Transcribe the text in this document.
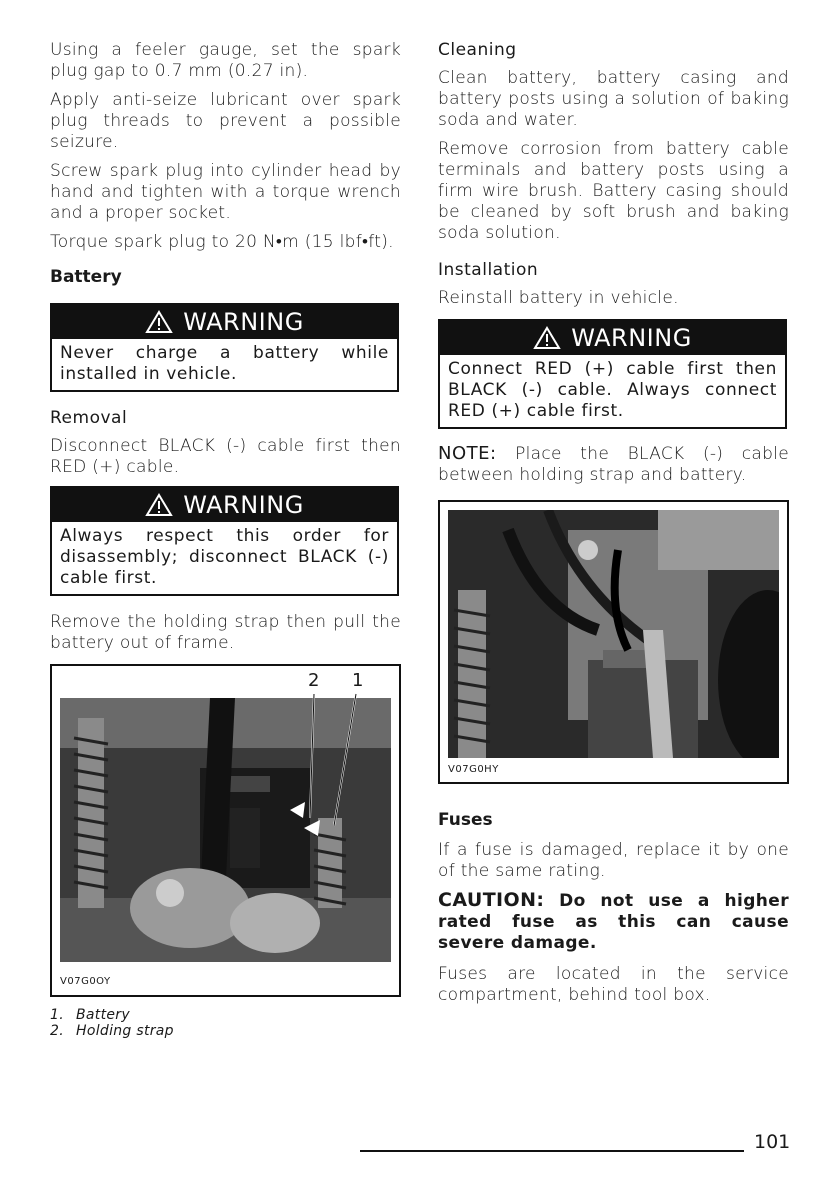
Using a feeler gauge, set the spark plug gap to 0.7 mm (0.27 in).

Apply anti-seize lubricant over spark plug threads to prevent a possible seizure.

Screw spark plug into cylinder head by hand and tighten with a torque wrench and a proper socket.

Torque spark plug to 20 N•m (15 lbf•ft).

Battery
WARNING
Never charge a battery while installed in vehicle.
Removal

Disconnect BLACK (-) cable first then RED (+) cable.

WARNING
Always respect this order for disassembly; disconnect BLACK (-) cable first.

Remove the holding strap then pull the battery out of frame.

2 1
V07G0OY
1. Battery
2. Holding strap
Cleaning

Clean battery, battery casing and battery posts using a solution of baking soda and water.

Remove corrosion from battery cable terminals and battery posts using a firm wire brush. Battery casing should be cleaned by soft brush and baking soda solution.

Installation

Reinstall battery in vehicle.

WARNING
Connect RED (+) cable first then BLACK (-) cable. Always connect RED (+) cable first.

NOTE: Place the BLACK (-) cable between holding strap and battery.

V07G0HY
Fuses

If a fuse is damaged, replace it by one of the same rating.

CAUTION: Do not use a higher rated fuse as this can cause severe damage.

Fuses are located in the service compartment, behind tool box.

101
